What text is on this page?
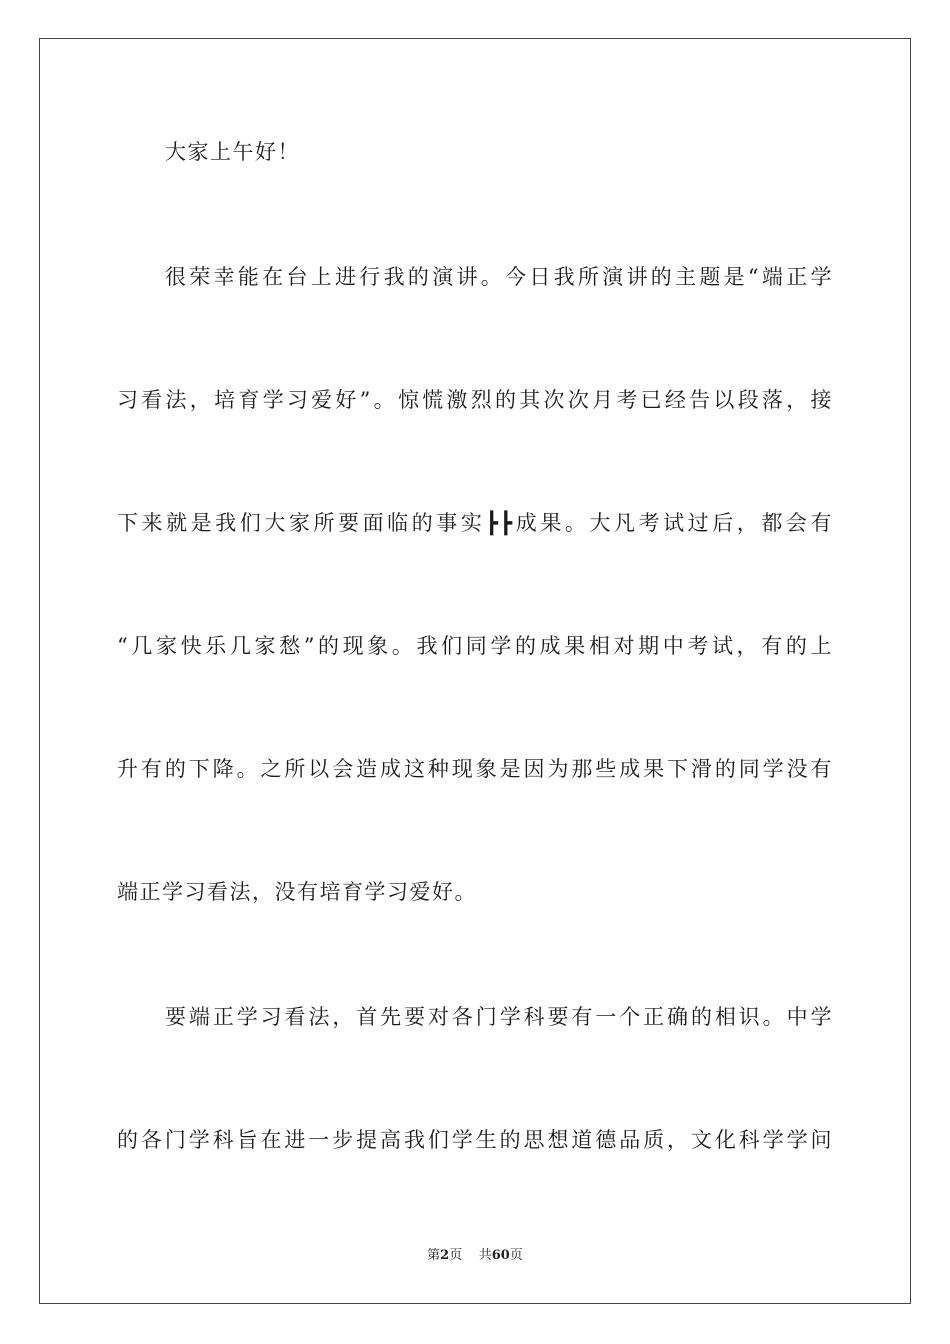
大家上午好！
很荣幸能在台上进行我的演讲。今日我所演讲的主题是“端正学
习看法，培育学习爱好”。惊慌激烈的其次次月考已经告以段落，接
下来就是我们大家所要面临的事实┣┣成果。大凡考试过后，都会有
“几家快乐几家愁”的现象。我们同学的成果相对期中考试，有的上
升有的下降。之所以会造成这种现象是因为那些成果下滑的同学没有
端正学习看法，没有培育学习爱好。
要端正学习看法，首先要对各门学科要有一个正确的相识。中学
的各门学科旨在进一步提高我们学生的思想道德品质，文化科学学问
第2页 共60页
